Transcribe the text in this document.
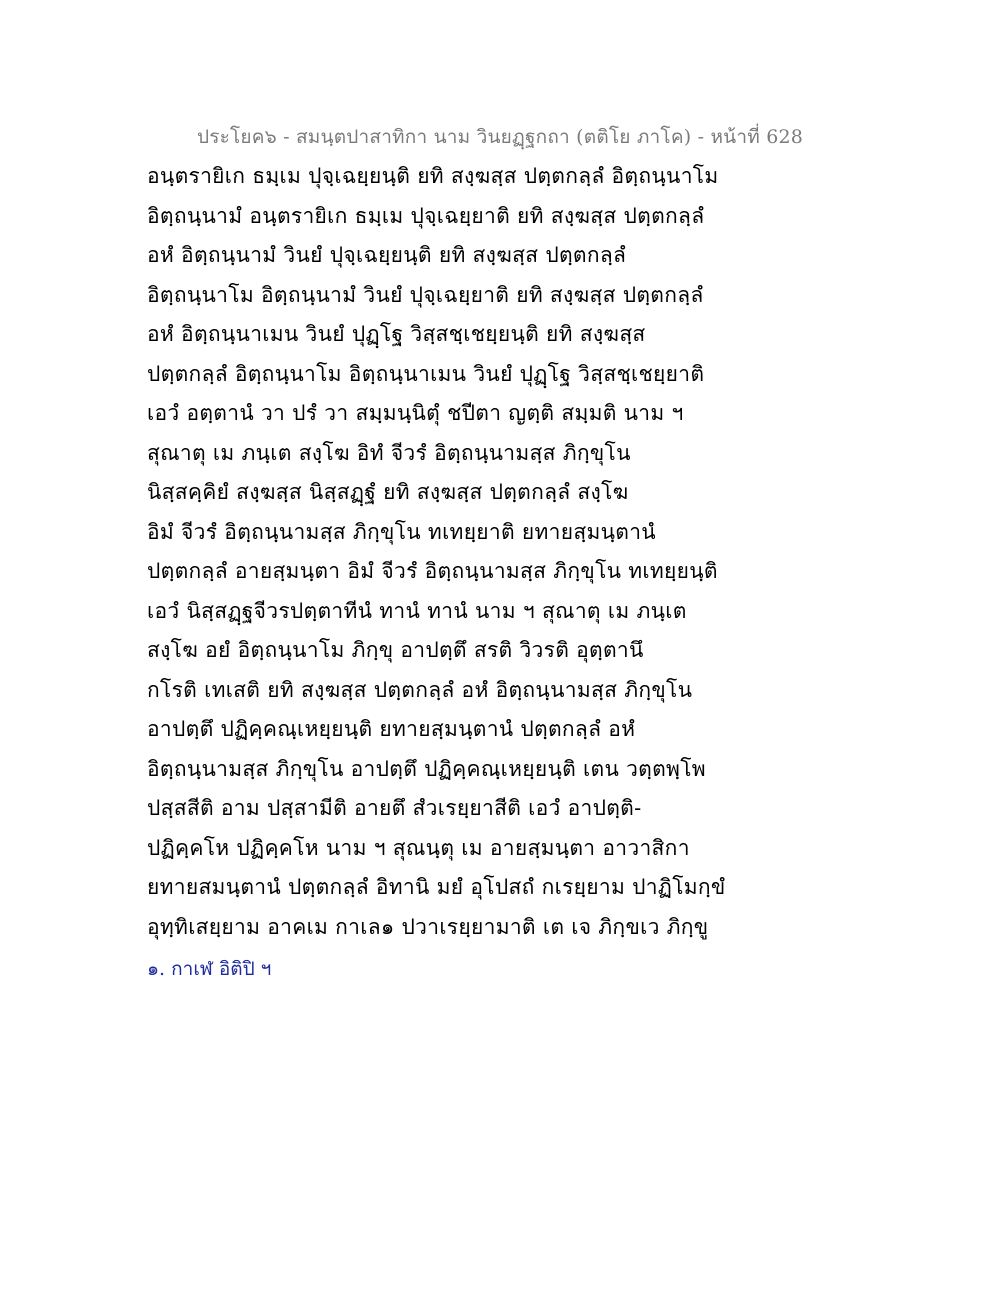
ประโยค๖ - สมนฺตปาสาทิกา นาม วินยฏฺฐกถา (ตติโย ภาโค) - หน้าที่ 628
อนฺตรายิเก ธมฺเม ปุจฺเฉยฺยนฺติ ยทิ สงฺฆสฺส ปตฺตกลฺลํ อิตฺถนฺนาโม
อิตฺถนฺนามํ อนฺตรายิเก ธมฺเม ปุจฺเฉยฺยาติ ยทิ สงฺฆสฺส ปตฺตกลฺลํ
อหํ อิตฺถนฺนามํ วินยํ ปุจฺเฉยฺยนฺติ ยทิ สงฺฆสฺส ปตฺตกลฺลํ
อิตฺถนฺนาโม อิตฺถนฺนามํ วินยํ ปุจฺเฉยฺยาติ ยทิ สงฺฆสฺส ปตฺตกลฺลํ
อหํ อิตฺถนฺนาเมน วินยํ ปุฏฺโฐ วิสฺสชฺเชยฺยนฺติ ยทิ สงฺฆสฺส
ปตฺตกลฺลํ อิตฺถนฺนาโม อิตฺถนฺนาเมน วินยํ ปุฏฺโฐ วิสฺสชฺเชยฺยาติ
เอวํ อตฺตานํ วา ปรํ วา สมฺมนฺนิตุํ ชปีตา ญตฺติ สมฺมติ นาม ฯ
สุณาตุ เม ภนฺเต สงฺโฆ อิทํ จีวรํ อิตฺถนฺนามสฺส ภิกฺขุโน
นิสฺสคฺคิยํ สงฺฆสฺส นิสฺสฏฺฐํ ยทิ สงฺฆสฺส ปตฺตกลฺลํ สงฺโฆ
อิมํ จีวรํ อิตฺถนฺนามสฺส ภิกฺขุโน ทเทยฺยาติ ยทายสฺมนฺตานํ
ปตฺตกลฺลํ อายสฺมนฺตา อิมํ จีวรํ อิตฺถนฺนามสฺส ภิกฺขุโน ทเทยฺยนฺติ
เอวํ นิสฺสฏฺฐจีวรปตฺตาทีนํ ทานํ ทานํ นาม ฯ สุณาตุ เม ภนฺเต
สงฺโฆ อยํ อิตฺถนฺนาโม ภิกฺขุ อาปตฺตึ สรติ วิวรติ อุตฺตานึ
กโรติ เทเสติ ยทิ สงฺฆสฺส ปตฺตกลฺลํ อหํ อิตฺถนฺนามสฺส ภิกฺขุโน
อาปตฺตึ ปฏิคฺคณฺเหยฺยนฺติ ยทายสฺมนฺตานํ ปตฺตกลฺลํ อหํ
อิตฺถนฺนามสฺส ภิกฺขุโน อาปตฺตึ ปฏิคฺคณฺเหยฺยนฺติ เตน วตฺตพฺโพ
ปสฺสสีติ อาม ปสฺสามีติ อายตึ สํวเรยฺยาสีติ เอวํ อาปตฺติ-
ปฏิคฺคโห ปฏิคฺคโห นาม ฯ สุณนฺตุ เม อายสฺมนฺตา อาวาสิกา
ยทายสมนฺตานํ ปตฺตกลฺลํ อิทานิ มยํ อุโปสถํ กเรยฺยาม ปาฏิโมกฺขํ
อุทฺทิเสยฺยาม อาคเม กาเล๑ ปวาเรยฺยามาติ เต เจ ภิกฺขเว ภิกฺขู
๑. กาเฬ อิติปิ ฯ
